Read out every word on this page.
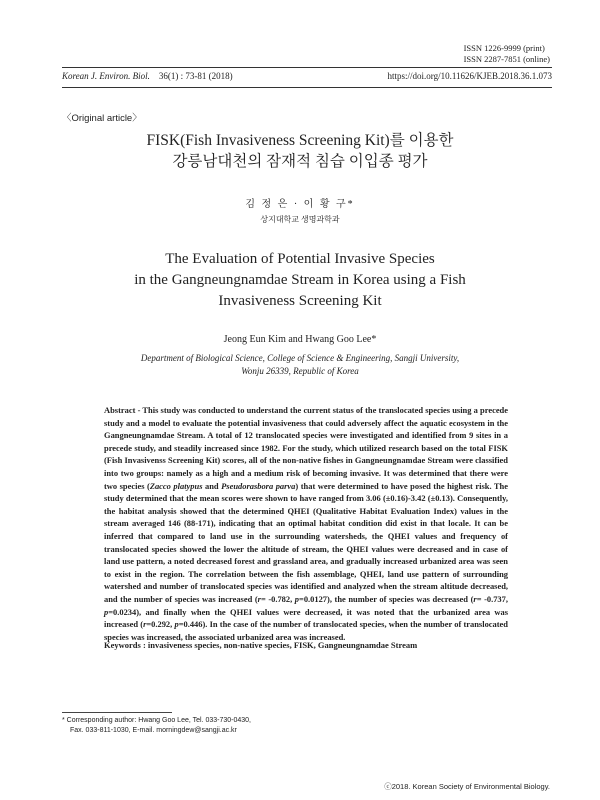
ISSN 1226-9999 (print)
ISSN 2287-7851 (online)
Korean J. Environ. Biol. 36(1) : 73-81 (2018)	https://doi.org/10.11626/KJEB.2018.36.1.073
〈Original article〉
FISK(Fish Invasiveness Screening Kit)를 이용한
강릉남대천의 잠재적 침습 이입종 평가
김 정 은 · 이 황 구*
상지대학교 생명과학과
The Evaluation of Potential Invasive Species
in the Gangneungnamdae Stream in Korea using a Fish
Invasiveness Screening Kit
Jeong Eun Kim and Hwang Goo Lee*
Department of Biological Science, College of Science & Engineering, Sangji University,
Wonju 26339, Republic of Korea
Abstract - This study was conducted to understand the current status of the translocated species using a precede study and a model to evaluate the potential invasiveness that could adversely affect the aquatic ecosystem in the Gangneungnamdae Stream. A total of 12 translocated species were investigated and identified from 9 sites in a precede study, and steadily increased since 1982. For the study, which utilized research based on the total FISK (Fish Invasivenss Screening Kit) scores, all of the non-native fishes in Gangneungnamdae Stream were classified into two groups: namely as a high and a medium risk of becoming invasive. It was determined that there were two species (Zacco platypus and Pseudorasbora parva) that were determined to have posed the highest risk. The study determined that the mean scores were shown to have ranged from 3.06 (±0.16)-3.42 (±0.13). Consequently, the habitat analysis showed that the determined QHEI (Qualitative Habitat Evaluation Index) values in the stream averaged 146 (88-171), indicating that an optimal habitat condition did exist in that locale. It can be inferred that compared to land use in the surrounding watersheds, the QHEI values and frequency of translocated species showed the lower the altitude of stream, the QHEI values were decreased and in case of land use pattern, a noted decreased forest and grassland area, and gradually increased urbanized area was seen to exist in the region. The correlation between the fish assemblage, QHEI, land use pattern of surrounding watershed and number of translocated species was identified and analyzed when the stream altitude decreased, and the number of species was increased (r= -0.782, p=0.0127), the number of species was decreased (r= -0.737, p=0.0234), and finally when the QHEI values were decreased, it was noted that the urbanized area was increased (r=0.292, p=0.446). In the case of the number of translocated species, when the number of translocated species was increased, the associated urbanized area was increased.
Keywords : invasiveness species, non-native species, FISK, Gangneungnamdae Stream
* Corresponding author: Hwang Goo Lee, Tel. 033-730-0430,
Fax. 033-811-1030, E-mail. morningdew@sangji.ac.kr
ⓒ2018. Korean Society of Environmental Biology.
